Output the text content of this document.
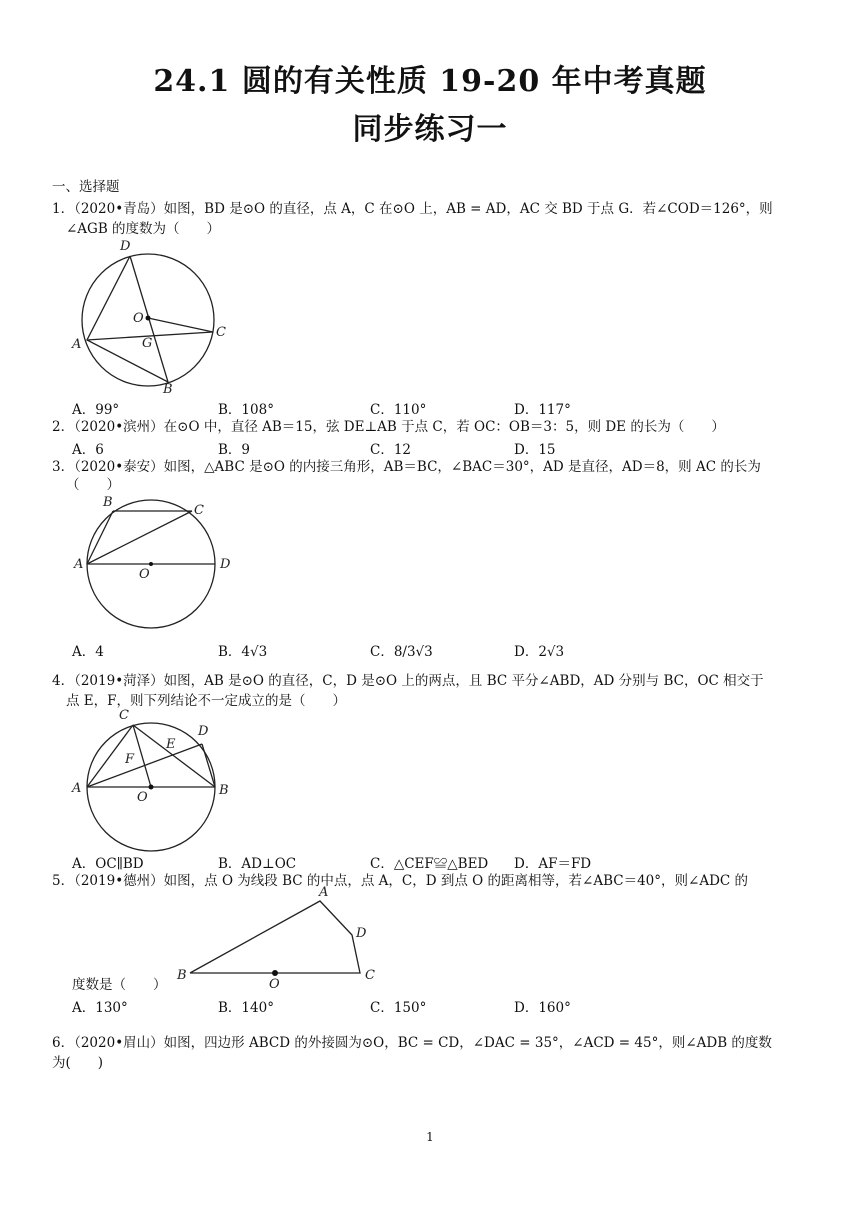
24.1 圆的有关性质 19-20 年中考真题
同步练习一
一、选择题
1．（2020•青岛）如图，BD 是⊙O 的直径，点 A，C 在⊙O 上，AB = AD，AC 交 BD 于点 G．若∠COD＝126°，则
∠AGB 的度数为（　　）
D
O
C
A	G
B
A．99°	B．108°	C．110°	D．117°
2．（2020•滨州）在⊙O 中，直径 AB＝15，弦 DE⊥AB 于点 C，若 OC：OB＝3：5，则 DE 的长为（　　）
A．6	B．9	C．12	D．15
3．（2020•泰安）如图，△ABC 是⊙O 的内接三角形，AB＝BC，∠BAC＝30°，AD 是直径，AD＝8，则 AC 的长为
（　　）
B
C
A
O
D
A．4	B．4√3	C．8/3√3	D．2√3
4．（2019•菏泽）如图，AB 是⊙O 的直径，C，D 是⊙O 上的两点，且 BC 平分∠ABD，AD 分别与 BC，OC 相交于
点 E，F，则下列结论不一定成立的是（　　）
C
D
E
F
A
O	B
A．OC∥BD	B．AD⊥OC	C．△CEF≌△BED D．AF＝FD
5．（2019•德州）如图，点 O 为线段 BC 的中点，点 A，C，D 到点 O 的距离相等，若∠ABC＝40°，则∠ADC 的
A
D
B
O
C
度数是（　　）
A．130°	B．140°	C．150°	D．160°
6．（2020•眉山）如图，四边形 ABCD 的外接圆为⊙O，BC = CD，∠DAC = 35°，∠ACD = 45°，则∠ADB 的度数
为(　　)
1
